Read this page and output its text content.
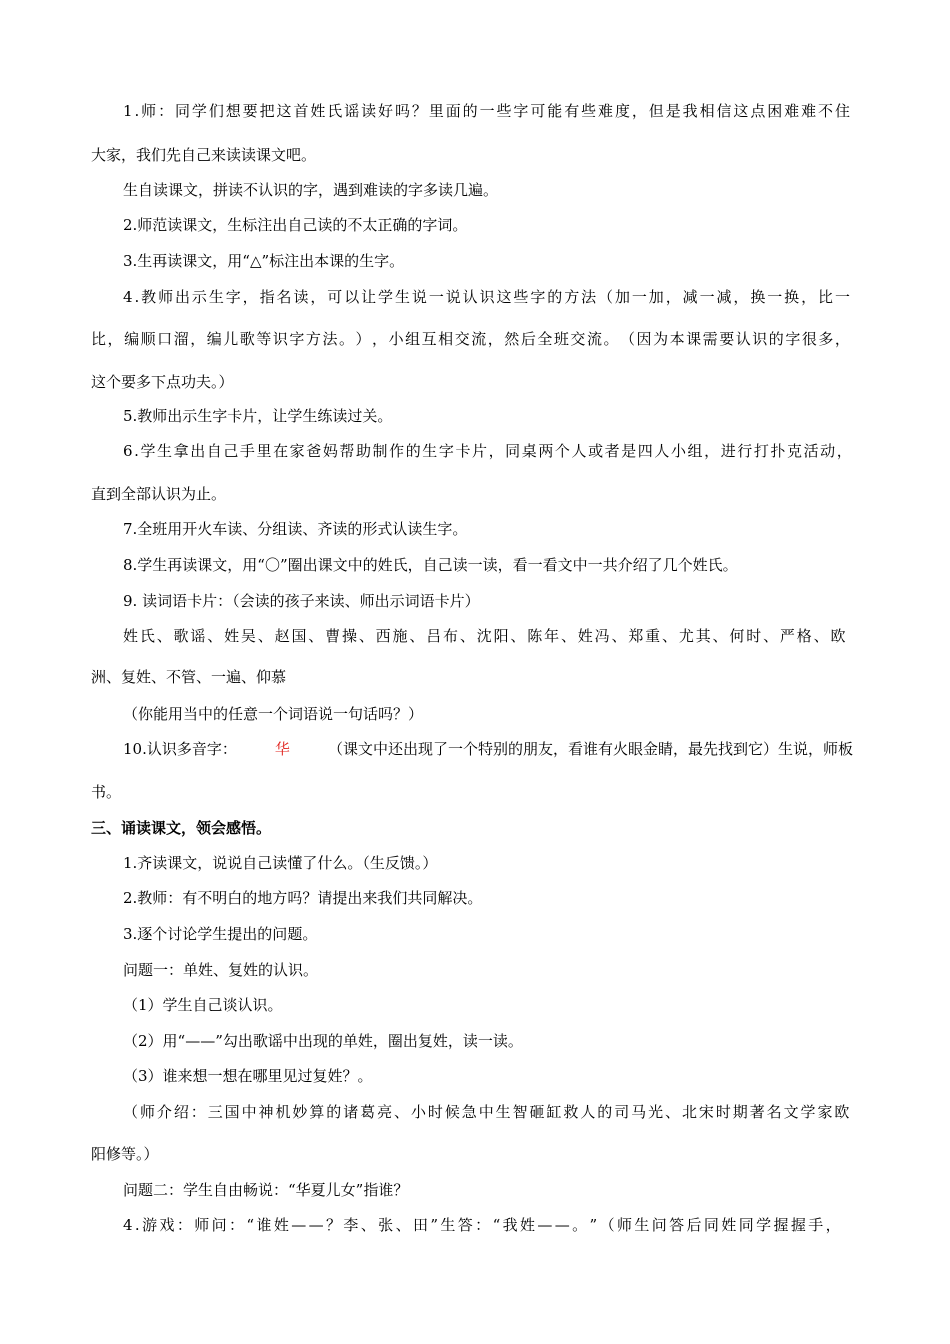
1 . 师 ： 同 学 们 想 要 把 这 首 姓 氏 谣 读 好 吗 ？ 里 面 的 一 些 字 可 能 有 些 难 度 ， 但 是 我 相 信 这 点 困 难 难 不 住
大家，我们先自己来读读课文吧。
生自读课文，拼读不认识的字，遇到难读的字多读几遍。
2.师范读课文，生标注出自己读的不太正确的字词。
3.生再读课文，用“△”标注出本课的生字。
4 . 教 师 出 示 生 字 ， 指 名 读 ， 可 以 让 学 生 说 一 说 认 识 这 些 字 的 方 法 （ 加 一 加 ， 减 一 减 ， 换 一 换 ， 比 一
比 ， 编 顺 口 溜 ， 编 儿 歌 等 识 字 方 法 。 ） ， 小 组 互 相 交 流 ， 然 后 全 班 交 流 。 （ 因 为 本 课 需 要 认 识 的 字 很 多 ，
这个要多下点功夫。）
5.教师出示生字卡片，让学生练读过关。
6 . 学 生 拿 出 自 己 手 里 在 家 爸 妈 帮 助 制 作 的 生 字 卡 片 ， 同 桌 两 个 人 或 者 是 四 人 小 组 ， 进 行 打 扑 克 活 动 ，
直到全部认识为止。
7.全班用开火车读、分组读、齐读的形式认读生字。
8.学生再读课文，用“〇”圈出课文中的姓氏，自己读一读，看一看文中一共介绍了几个姓氏。
9. 读词语卡片：（会读的孩子来读、师出示词语卡片）
姓 氏 、 歌 谣 、 姓 吴 、 赵 国 、 曹 操 、 西 施 、 吕 布 、 沈 阳 、 陈 年 、 姓 冯 、 郑 重 、 尤 其 、 何 时 、 严 格 、 欧
洲、复姓、不管、一遍、仰慕
（你能用当中的任意一个词语说一句话吗？）
10.认识多音字：	华	（课文中还出现了一个特别的朋友，看谁有火眼金睛，最先找到它）生说，师板
书。
三、诵读课文，领会感悟。
1.齐读课文，说说自己读懂了什么。（生反馈。）
2.教师：有不明白的地方吗？请提出来我们共同解决。
3.逐个讨论学生提出的问题。
问题一：单姓、复姓的认识。
（1）学生自己谈认识。
（2）用“——”勾出歌谣中出现的单姓，圈出复姓，读一读。
（3）谁来想一想在哪里见过复姓？。
（ 师 介 绍 ： 三 国 中 神 机 妙 算 的 诸 葛 亮 、 小 时 候 急 中 生 智 砸 缸 救 人 的 司 马 光 、 北 宋 时 期 著 名 文 学 家 欧
阳修等。）
问题二：学生自由畅说：“华夏儿女”指谁？
4 . 游 戏 ： 师 问 ： “ 谁 姓 — — ？ 李 、 张 、 田 ” 生 答 ： “ 我 姓 — — 。 ” （ 师 生 问 答 后 同 姓 同 学 握 握 手 ，
